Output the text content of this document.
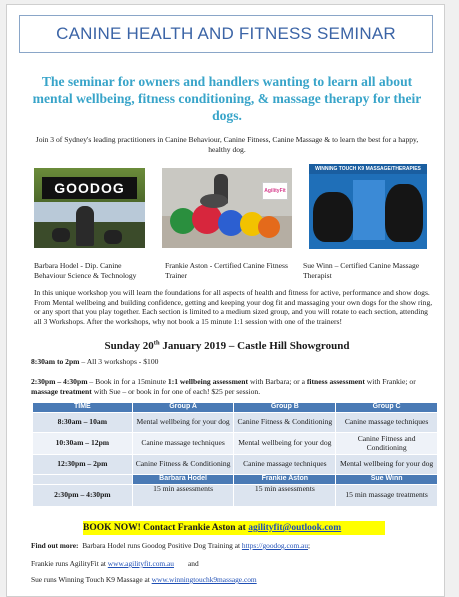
CANINE HEALTH AND FITNESS SEMINAR
The seminar for owners and handlers wanting to learn all about mental wellbeing, fitness conditioning, & massage therapy for their dogs.
Join 3 of Sydney's leading practitioners in Canine Behaviour, Canine Fitness, Canine Massage & to learn the best for a happy, healthy dog.
GOODOG	AgilityFit
WINNING TOUCH K9 MASSAGE/THERAPIES
Barbara Hodel - Dip. Canine Behaviour Science & Technology
Frankie Aston - Certified Canine Fitness Trainer
Sue Winn – Certified Canine Massage Therapist
In this unique workshop you will learn the foundations for all aspects of health and fitness for active, performance and show dogs. From Mental wellbeing and building confidence, getting and keeping your dog fit and massaging your own dogs for the show ring, or any sport that you play together. Each section is limited to a medium sized group, and you will rotate to each section, attending all 3 Workshops. After the workshops, why not book a 15 minute 1:1 session with one of the trainers!
Sunday 20th January 2019 – Castle Hill Showground
8:30am to 2pm – All 3 workshops - $100
2:30pm – 4:30pm – Book in for a 15minute 1:1 wellbeing assessment with Barbara; or a fitness assessment with Frankie; or massage treatment with Sue – or book in for one of each! $25 per session.
TIME	Group A	Group B	Group C
8:30am – 10am	Mental wellbeing for your dog	Canine Fitness & Conditioning	Canine massage techniques
10:30am – 12pm	Canine massage techniques	Mental wellbeing for your dog	Canine Fitness and Conditioning
12:30pm – 2pm	Canine Fitness & Conditioning	Canine massage techniques	Mental wellbeing for your dog
	Barbara Hodel	Frankie Aston	Sue Winn
2:30pm – 4:30pm	15 min assessments	15 min assessments	15 min massage treatments
BOOK NOW! Contact Frankie Aston at agilityfit@outlook.com
Find out more: Barbara Hodel runs Goodog Positive Dog Training at https://goodog.com.au;
Frankie runs AgilityFit at www.agilityfit.com.au and
Sue runs Winning Touch K9 Massage at www.winningtouchk9massage.com
